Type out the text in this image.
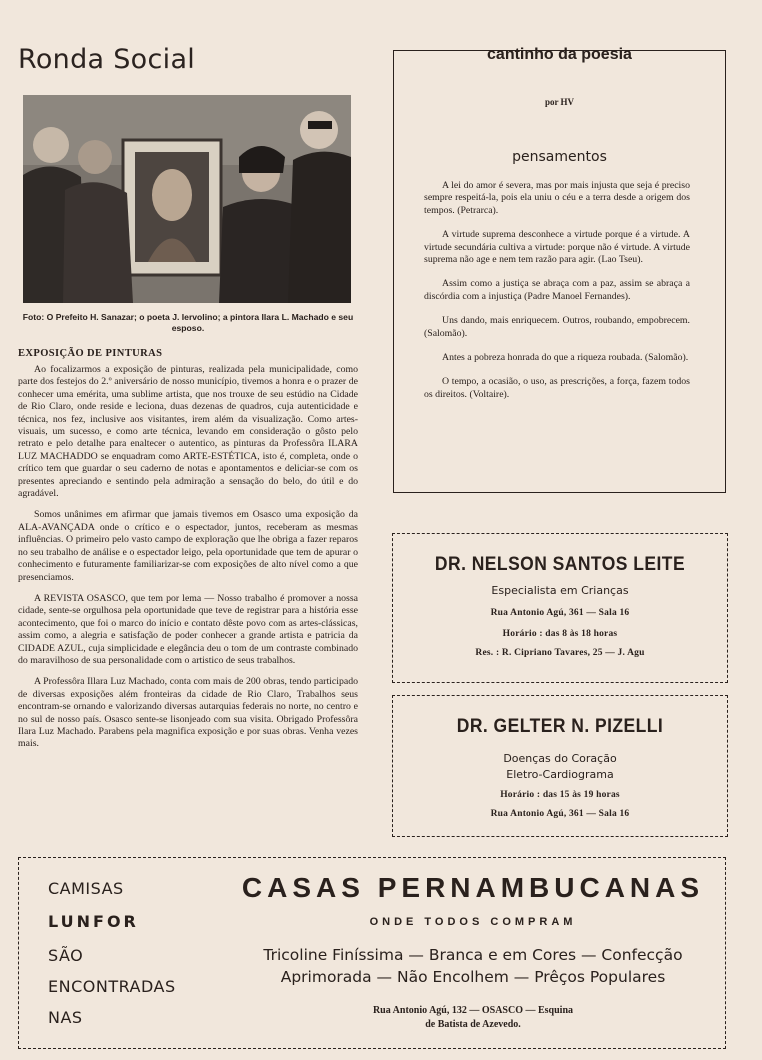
Ronda Social
Foto: O Prefeito H. Sanazar; o poeta J. Iervolino; a pintora Ilara L. Machado e seu esposo.
EXPOSIÇÃO DE PINTURAS

Ao focalizarmos a exposição de pinturas, realizada pela municipalidade, como parte dos festejos do 2.º aniversário de nosso município, tivemos a honra e o prazer de conhecer uma emérita, uma sublime artista, que nos trouxe de seu estúdio na Cidade de Rio Claro, onde reside e leciona, duas dezenas de quadros, cuja autenticidade e técnica, nos fez, inclusive aos visitantes, irem além da visualização. Como artes-visuais, um sucesso, e como arte técnica, levando em consideração o gôsto pelo retrato e pelo detalhe para enaltecer o autentico, as pinturas da Professôra ILARA LUZ MACHADDO se enquadram como ARTE-ESTÉTICA, isto é, completa, onde o crítico tem que guardar o seu caderno de notas e apontamentos e deliciar-se com os presentes apreciando e sentindo pela admiração a sensação do belo, do útil e do agradável.

Somos unânimes em afirmar que jamais tivemos em Osasco uma exposição da ALA-AVANÇADA onde o crítico e o espectador, juntos, receberam as mesmas influências. O primeiro pelo vasto campo de exploração que lhe obriga a fazer reparos no seu trabalho de análise e o espectador leigo, pela oportunidade que tem de apurar o conhecimento e futuramente familiarizar-se com exposições de alto nível como a que presenciamos.

A REVISTA OSASCO, que tem por lema — Nosso trabalho é promover a nossa cidade, sente-se orgulhosa pela oportunidade que teve de registrar para a história esse acontecimento, que foi o marco do início e contato dêste povo com as artes-clássicas, assim como, a alegria e satisfação de poder conhecer a grande artista e patricia da CIDADE AZUL, cuja simplicidade e elegância deu o tom de um contraste combinado do maravilhoso de sua personalidade com o artistico de seus trabalhos.

A Professôra Illara Luz Machado, conta com mais de 200 obras, tendo participado de diversas exposições além fronteiras da cidade de Rio Claro, Trabalhos seus encontram-se ornando e valorizando diversas autarquias federais no norte, no centro e no sul de nosso país. Osasco sente-se lisonjeado com sua visita. Obrigado Professôra Ilara Luz Machado. Parabens pela magnifica exposição e por suas obras. Venha vezes mais.

cantinho da poesia
por HV
pensamentos

A lei do amor é severa, mas por mais injusta que seja é preciso sempre respeitá-la, pois ela uniu o céu e a terra desde a origem dos tempos. (Petrarca).

A virtude suprema desconhece a virtude porque é a virtude. A virtude secundária cultiva a virtude: porque não é virtude. A virtude suprema não age e nem tem razão para agir. (Lao Tseu).

Assim como a justiça se abraça com a paz, assim se abraça a discórdia com a injustiça (Padre Manoel Fernandes).

Uns dando, mais enriquecem. Outros, roubando, empobrecem. (Salomão).

Antes a pobreza honrada do que a riqueza roubada. (Salomão).

O tempo, a ocasião, o uso, as prescrições, a força, fazem todos os direitos. (Voltaire).

DR. NELSON SANTOS LEITE
Especialista em Crianças
Rua Antonio Agú, 361 — Sala 16
Horário : das 8 às 18 horas
Res. : R. Cipriano Tavares, 25 — J. Agu
DR. GELTER N. PIZELLI
Doenças do Coração
Eletro-Cardiograma
Horário : das 15 às 19 horas
Rua Antonio Agú, 361 — Sala 16
CAMISAS
LUNFOR
SÃO
ENCONTRADAS
NAS
CASAS PERNAMBUCANAS
ONDE TODOS COMPRAM
Tricoline Finíssima — Branca e em Cores — Confecção
Aprimorada — Não Encolhem — Prêços Populares
Rua Antonio Agú, 132 — OSASCO — Esquina
de Batista de Azevedo.
